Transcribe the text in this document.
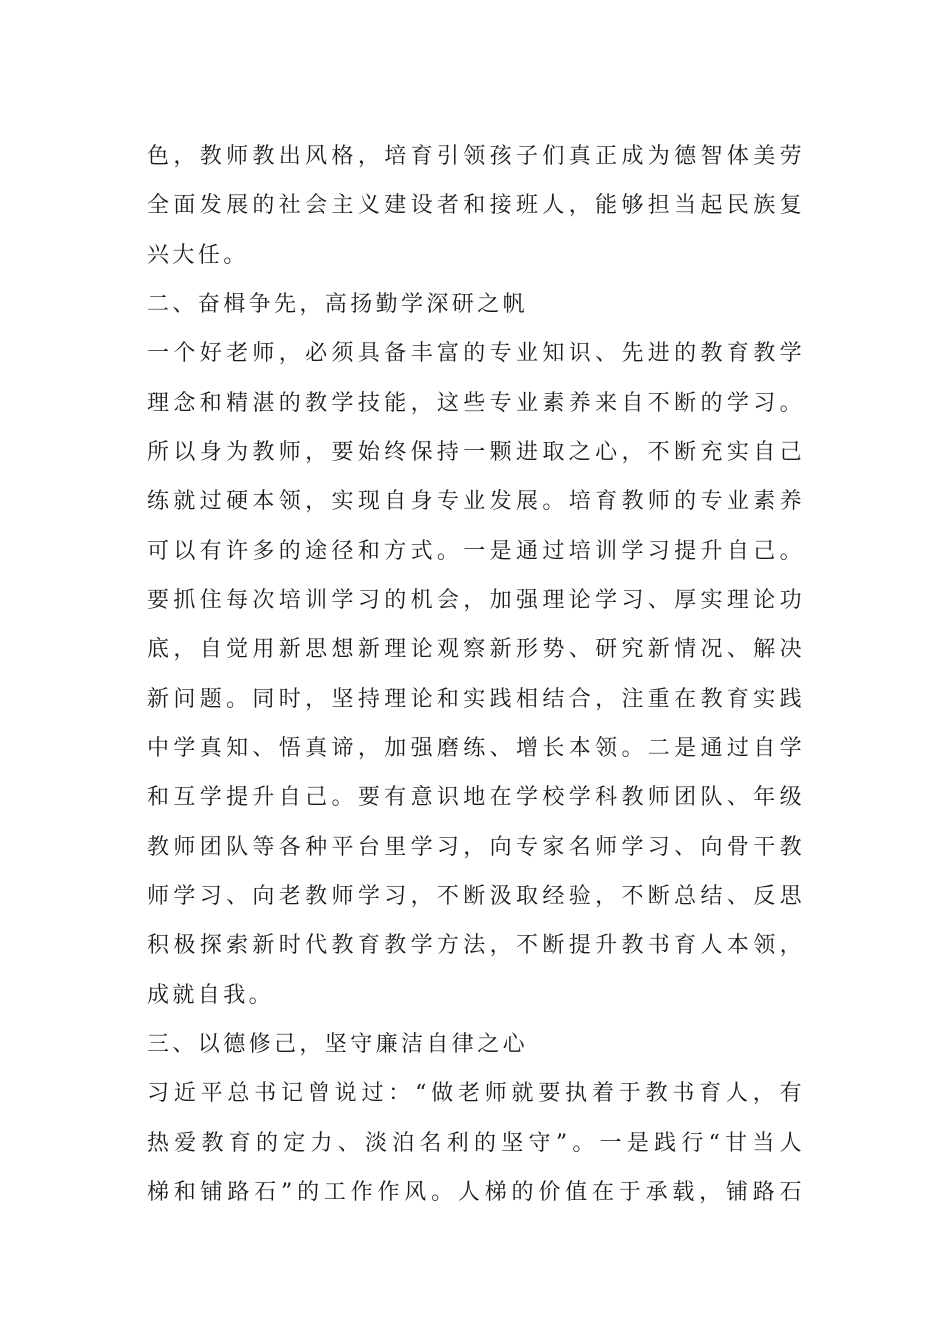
色，教师教出风格，培育引领孩子们真正成为德智体美劳
全面发展的社会主义建设者和接班人，能够担当起民族复
兴大任。
二、奋楫争先，高扬勤学深研之帆
一个好老师，必须具备丰富的专业知识、先进的教育教学
理念和精湛的教学技能，这些专业素养来自不断的学习。
所以身为教师，要始终保持一颗进取之心，不断充实自己
练就过硬本领，实现自身专业发展。培育教师的专业素养
可以有许多的途径和方式。一是通过培训学习提升自己。
要抓住每次培训学习的机会，加强理论学习、厚实理论功
底，自觉用新思想新理论观察新形势、研究新情况、解决
新问题。同时，坚持理论和实践相结合，注重在教育实践
中学真知、悟真谛，加强磨练、增长本领。二是通过自学
和互学提升自己。要有意识地在学校学科教师团队、年级
教师团队等各种平台里学习，向专家名师学习、向骨干教
师学习、向老教师学习，不断汲取经验，不断总结、反思
积极探索新时代教育教学方法，不断提升教书育人本领，
成就自我。
三、以德修己，坚守廉洁自律之心
习近平总书记曾说过：“做老师就要执着于教书育人，有
热爱教育的定力、淡泊名利的坚守”。一是践行“甘当人
梯和铺路石”的工作作风。人梯的价值在于承载，铺路石
